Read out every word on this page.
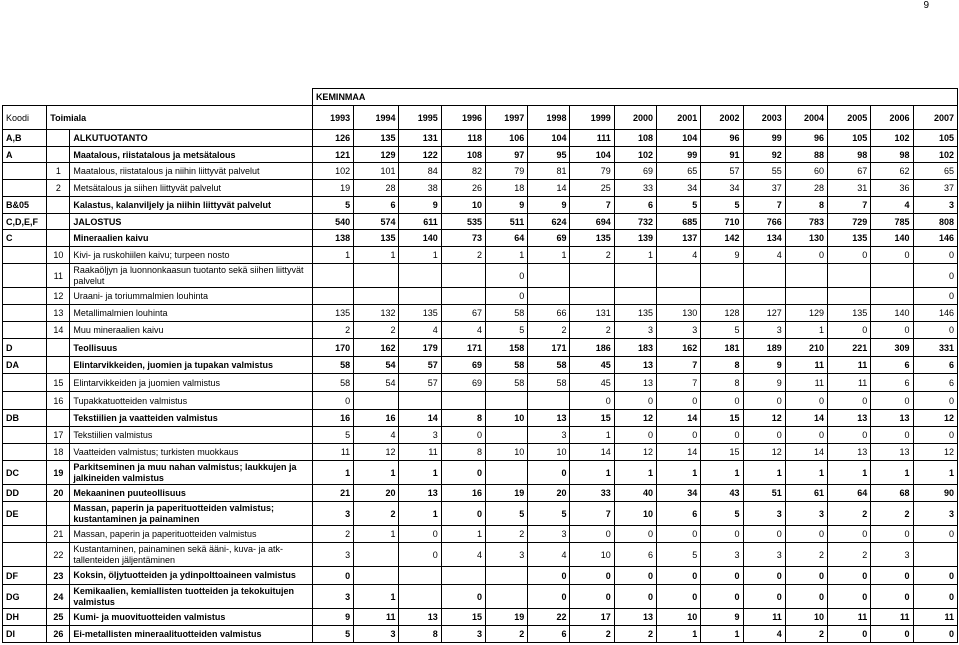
9
			KEMINMAA														
Koodi	Toimiala		1993	1994	1995	1996	1997	1998	1999	2000	2001	2002	2003	2004	2005	2006	2007
A,B		ALKUTUOTANTO	126	135	131	118	106	104	111	108	104	96	99	96	105	102	105
A		Maatalous, riistatalous ja metsätalous	121	129	122	108	97	95	104	102	99	91	92	88	98	98	102
	1	Maatalous, riistatalous ja niihin liittyvät palvelut	102	101	84	82	79	81	79	69	65	57	55	60	67	62	65
	2	Metsätalous ja siihen liittyvät palvelut	19	28	38	26	18	14	25	33	34	34	37	28	31	36	37
B&05		Kalastus, kalanviljely ja niihin liittyvät palvelut	5	6	9	10	9	9	7	6	5	5	7	8	7	4	3
C,D,E,F		JALOSTUS	540	574	611	535	511	624	694	732	685	710	766	783	729	785	808
C		Mineraalien kaivu	138	135	140	73	64	69	135	139	137	142	134	130	135	140	146
	10	Kivi- ja ruskohiilen kaivu; turpeen nosto	1	1	1	2	1	1	2	1	4	9	4	0	0	0	0
	11	Raakaöljyn ja luonnonkaasun tuotanto sekä siihen liittyvät palvelut					0										0
	12	Uraani- ja toriummalmien louhinta					0										0
	13	Metallimalmien louhinta	135	132	135	67	58	66	131	135	130	128	127	129	135	140	146
	14	Muu mineraalien kaivu	2	2	4	4	5	2	2	3	3	5	3	1	0	0	0
D		Teollisuus	170	162	179	171	158	171	186	183	162	181	189	210	221	309	331
DA		Elintarvikkeiden, juomien ja tupakan valmistus	58	54	57	69	58	58	45	13	7	8	9	11	11	6	6
	15	Elintarvikkeiden ja juomien valmistus	58	54	57	69	58	58	45	13	7	8	9	11	11	6	6
	16	Tupakkatuotteiden valmistus	0						0	0	0	0	0	0	0	0	0
DB		Tekstiilien ja vaatteiden valmistus	16	16	14	8	10	13	15	12	14	15	12	14	13	13	12
	17	Tekstiilien valmistus	5	4	3	0		3	1	0	0	0	0	0	0	0	0
	18	Vaatteiden valmistus; turkisten muokkaus	11	12	11	8	10	10	14	12	14	15	12	14	13	13	12
DC	19	Parkitseminen ja muu nahan valmistus; laukkujen ja jalkineiden valmistus	1	1	1	0		0	1	1	1	1	1	1	1	1	1
DD	20	Mekaaninen puuteollisuus	21	20	13	16	19	20	33	40	34	43	51	61	64	68	90
DE		Massan, paperin ja paperituotteiden valmistus; kustantaminen ja painaminen	3	2	1	0	5	5	7	10	6	5	3	3	2	2	3
	21	Massan, paperin ja paperituotteiden valmistus	2	1	0	1	2	3	0	0	0	0	0	0	0	0	0
	22	Kustantaminen, painaminen sekä ääni-, kuva- ja atk-tallenteiden jäljentäminen	3		0	4	3	4	10	6	5	3	3	2	2	3	
DF	23	Koksin, öljytuotteiden ja ydinpolttoaineen valmistus	0					0	0	0	0	0	0	0	0	0	0
DG	24	Kemikaalien, kemiallisten tuotteiden ja tekokuitujen valmistus	3	1		0		0	0	0	0	0	0	0	0	0	0
DH	25	Kumi- ja muovituotteiden valmistus	9	11	13	15	19	22	17	13	10	9	11	10	11	11	11
DI	26	Ei-metallisten mineraalituotteiden valmistus	5	3	8	3	2	6	2	2	1	1	4	2	0	0	0
